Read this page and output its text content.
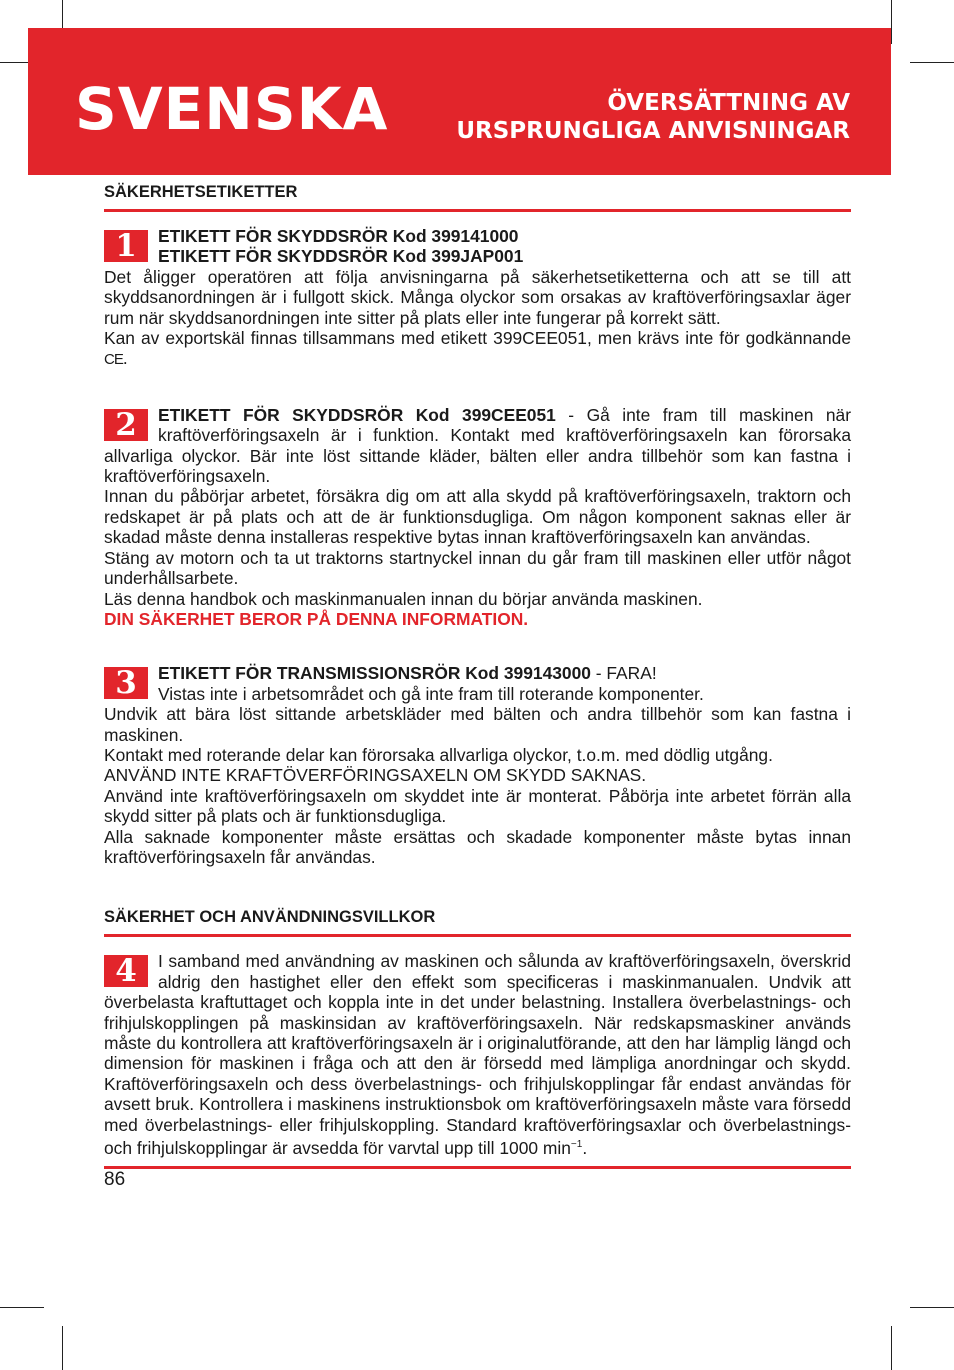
SVENSKA	ÖVERSÄTTNING AV
URSPRUNGLIGA ANVISNINGAR
SÄKERHETSETIKETTER
1	ETIKETT FÖR SKYDDSRÖR Kod 399141000

ETIKETT FÖR SKYDDSRÖR Kod 399JAP001

Det åligger operatören att följa anvisningarna på säkerhetsetiketterna och att se till att skyddsanordningen är i fullgott skick. Många olyckor som orsakas av kraftöverföringsaxlar äger rum när skyddsanordningen inte sitter på plats eller inte fungerar på korrekt sätt.

Kan av exportskäl finnas tillsammans med etikett 399CEE051, men krävs inte för godkännande CE.

2	ETIKETT FÖR SKYDDSRÖR Kod 399CEE051 - Gå inte fram till maskinen när kraftöverföringsaxeln är i funktion. Kontakt med kraftöverföringsaxeln kan förorsaka allvarliga olyckor. Bär inte löst sittande kläder, bälten eller andra tillbehör som kan fastna i kraftöverföringsaxeln.

Innan du påbörjar arbetet, försäkra dig om att alla skydd på kraftöverföringsaxeln, traktorn och redskapet är på plats och att de är funktionsdugliga. Om någon komponent saknas eller är skadad måste denna installeras respektive bytas innan kraftöverföringsaxeln kan användas.

Stäng av motorn och ta ut traktorns startnyckel innan du går fram till maskinen eller utför något underhållsarbete.

Läs denna handbok och maskinmanualen innan du börjar använda maskinen.

DIN SÄKERHET BEROR PÅ DENNA INFORMATION.

3	ETIKETT FÖR TRANSMISSIONSRÖR Kod 399143000 - FARA!

Vistas inte i arbetsområdet och gå inte fram till roterande komponenter.

Undvik att bära löst sittande arbetskläder med bälten och andra tillbehör som kan fastna i maskinen.

Kontakt med roterande delar kan förorsaka allvarliga olyckor, t.o.m. med dödlig utgång.

ANVÄND INTE KRAFTÖVERFÖRINGSAXELN OM SKYDD SAKNAS.

Använd inte kraftöverföringsaxeln om skyddet inte är monterat. Påbörja inte arbetet förrän alla skydd sitter på plats och är funktionsdugliga.

Alla saknade komponenter måste ersättas och skadade komponenter måste bytas innan kraftöverföringsaxeln får användas.

SÄKERHET OCH ANVÄNDNINGSVILLKOR
4	I samband med användning av maskinen och sålunda av kraftöverföringsaxeln, överskrid aldrig den hastighet eller den effekt som specificeras i maskinmanualen. Undvik att överbelasta kraftuttaget och koppla inte in det under belastning. Installera överbelastnings- och frihjulskopplingen på maskinsidan av kraftöverföringsaxeln. När redskapsmaskiner används måste du kontrollera att kraftöverföringsaxeln är i originalutförande, att den har lämplig längd och dimension för maskinen i fråga och att den är försedd med lämpliga anordningar och skydd. Kraftöverföringsaxeln och dess överbelastnings- och frihjulskopplingar får endast användas för avsett bruk. Kontrollera i maskinens instruktionsbok om kraftöverföringsaxeln måste vara försedd med överbelastnings- eller frihjulskoppling. Standard kraftöverföringsaxlar och överbelastnings- och frihjulskopplingar är avsedda för varvtal upp till 1000 $\min^{-1}$.

86
